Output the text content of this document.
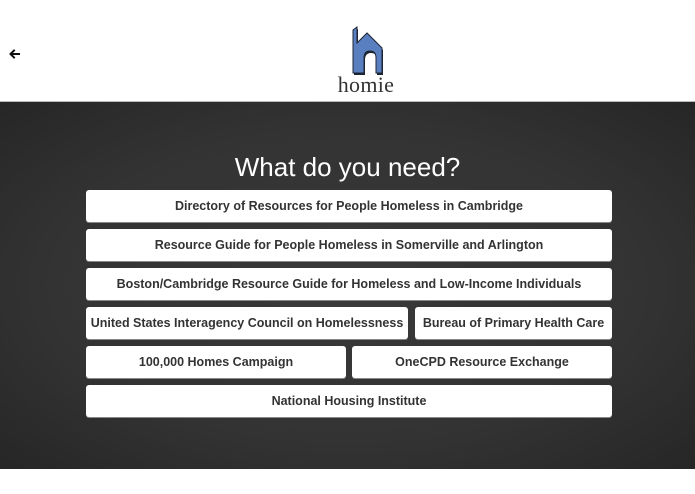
homie
What do you need?
Directory of Resources for People Homeless in Cambridge
Resource Guide for People Homeless in Somerville and Arlington
Boston/Cambridge Resource Guide for Homeless and Low-Income Individuals
United States Interagency Council on Homelessness	Bureau of Primary Health Care
100,000 Homes Campaign	OneCPD Resource Exchange
National Housing Institute
